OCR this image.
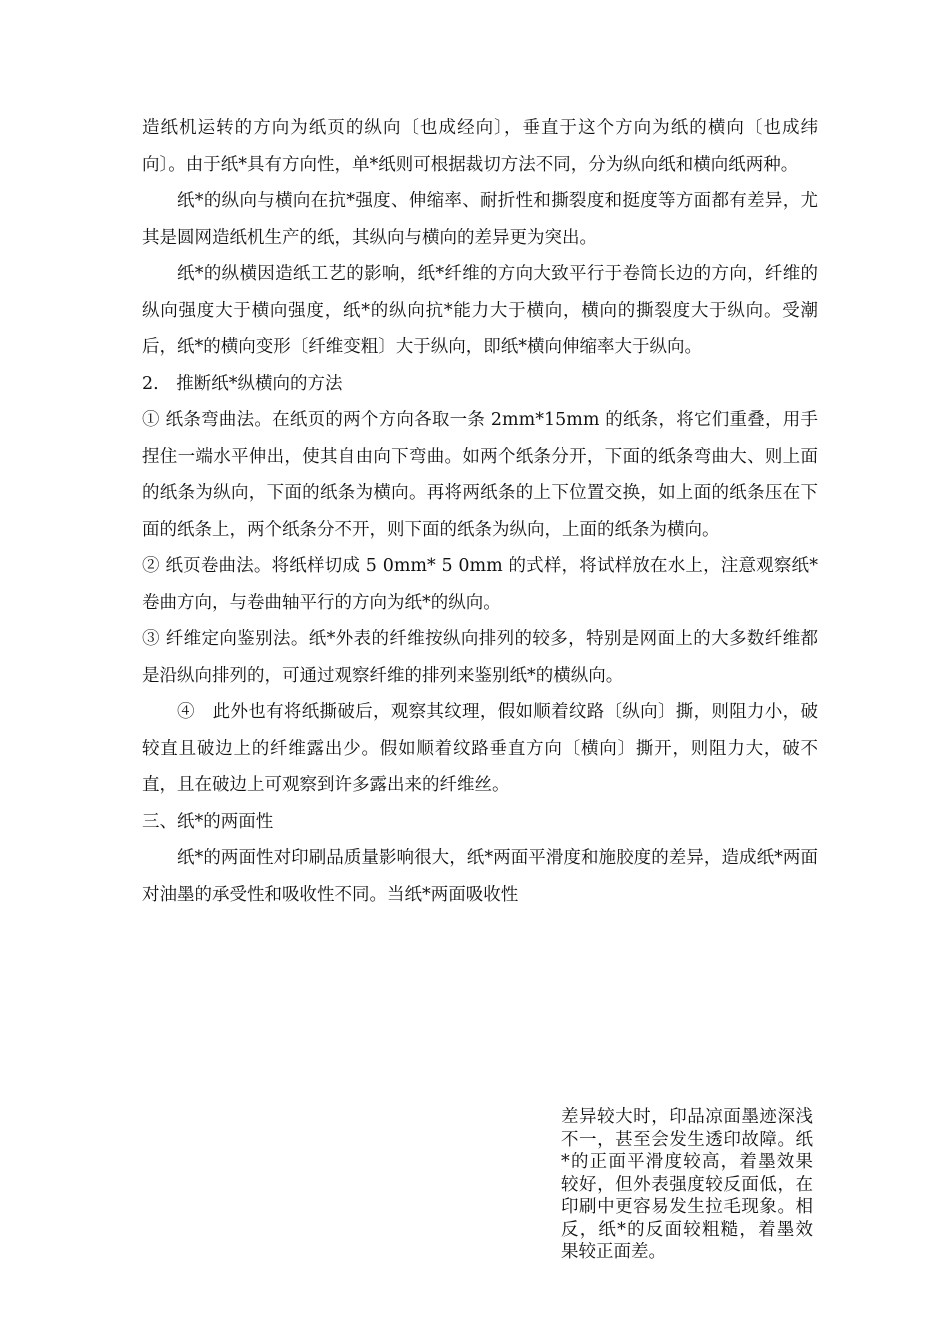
造纸机运转的方向为纸页的纵向〔也成经向〕，垂直于这个方向为纸的横向〔也成纬向〕。由于纸*具有方向性，单*纸则可根据裁切方法不同，分为纵向纸和横向纸两种。

纸*的纵向与横向在抗*强度、伸缩率、耐折性和撕裂度和挺度等方面都有差异，尤其是圆网造纸机生产的纸，其纵向与横向的差异更为突出。

纸*的纵横因造纸工艺的影响，纸*纤维的方向大致平行于卷筒长边的方向，纤维的纵向强度大于横向强度，纸*的纵向抗*能力大于横向，横向的撕裂度大于纵向。受潮后，纸*的横向变形〔纤维变粗〕大于纵向，即纸*横向伸缩率大于纵向。

2.　推断纸*纵横向的方法

① 纸条弯曲法。在纸页的两个方向各取一条 2mm*15mm 的纸条，将它们重叠，用手捏住一端水平伸出，使其自由向下弯曲。如两个纸条分开，下面的纸条弯曲大、则上面的纸条为纵向，下面的纸条为横向。再将两纸条的上下位置交换，如上面的纸条压在下面的纸条上，两个纸条分不开，则下面的纸条为纵向，上面的纸条为横向。

② 纸页卷曲法。将纸样切成 5 0mm* 5 0mm 的式样，将试样放在水上，注意观察纸*卷曲方向，与卷曲轴平行的方向为纸*的纵向。

③ 纤维定向鉴别法。纸*外表的纤维按纵向排列的较多，特别是网面上的大多数纤维都是沿纵向排列的，可通过观察纤维的排列来鉴别纸*的横纵向。

④　此外也有将纸撕破后，观察其纹理，假如顺着纹路〔纵向〕撕，则阻力小，破较直且破边上的纤维露出少。假如顺着纹路垂直方向〔横向〕撕开，则阻力大，破不直，且在破边上可观察到许多露出来的纤维丝。

三、纸*的两面性

纸*的两面性对印刷品质量影响很大，纸*两面平滑度和施胶度的差异，造成纸*两面对油墨的承受性和吸收性不同。当纸*两面吸收性

差异较大时，印品凉面墨迹深浅不一，甚至会发生透印故障。纸*的正面平滑度较高，着墨效果较好，但外表强度较反面低，在印刷中更容易发生拉毛现象。相反，纸*的反面较粗糙，着墨效果较正面差。
